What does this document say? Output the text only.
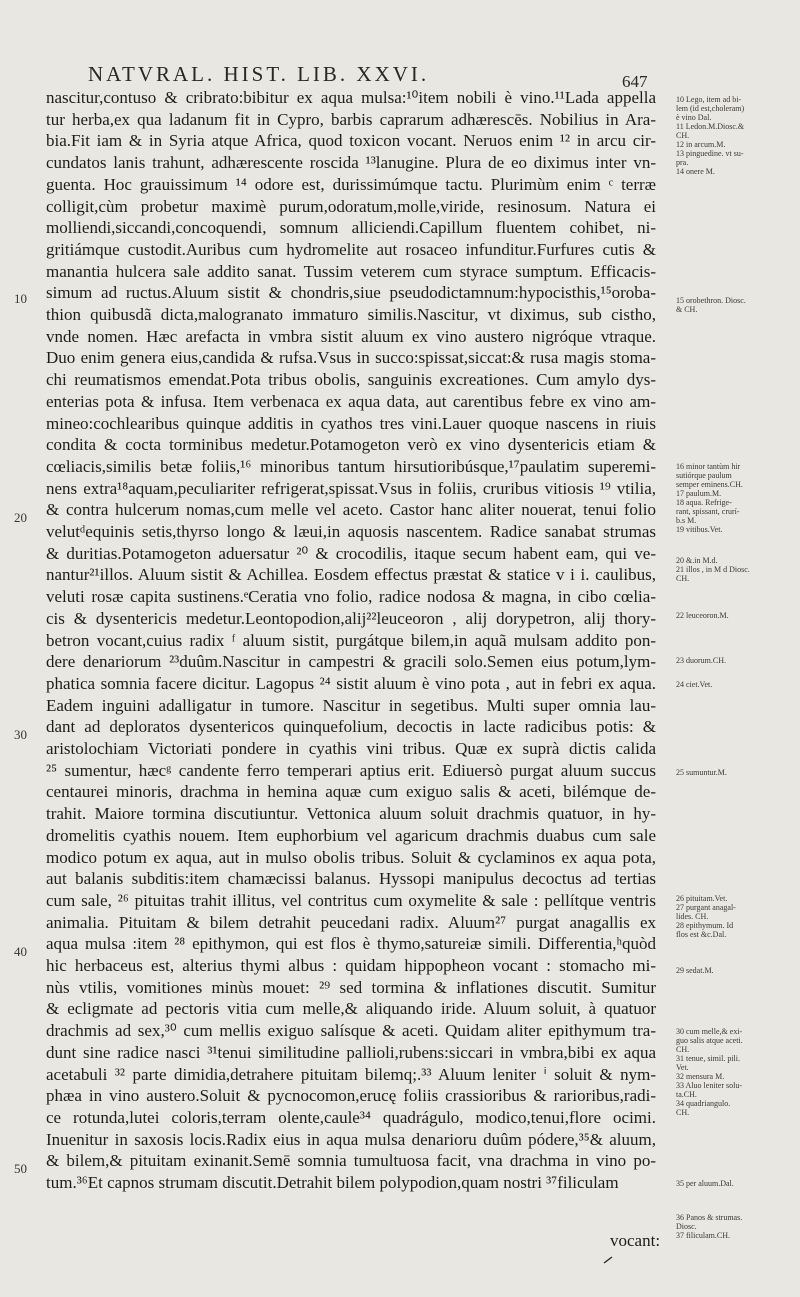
NATVRAL. HIST. LIB. XXVI.	647
nascitur,contuso & cribrato:bibitur ex aqua mulsa:¹⁰item nobili è vino.¹¹Lada appella
tur herba,ex qua ladanum fit in Cypro, barbis caprarum adhærescēs. Nobilius in Ara-
bia.Fit iam & in Syria atque Africa, quod toxicon vocant. Neruos enim ¹² in arcu cir-
cundatos lanis trahunt, adhærescente roscida ¹³lanugine. Plura de eo diximus inter vn-
guenta. Hoc grauissimum ¹⁴ odore est, durissimúmque tactu. Plurimùm enim ᶜ terræ
colligit,cùm probetur maximè purum,odoratum,molle,viride, resinosum. Natura ei
molliendi,siccandi,concoquendi, somnum alliciendi.Capillum fluentem cohibet, ni-
gritiámque custodit.Auribus cum hydromelite aut rosaceo infunditur.Furfures cutis &
manantia hulcera sale addito sanat. Tussim veterem cum styrace sumptum. Efficacis-
simum ad ructus.Aluum sistit & chondris,siue pseudodictamnum:hypocisthis,¹⁵oroba-
thion quibusdã dicta,malogranato immaturo similis.Nascitur, vt diximus, sub cistho,
vnde nomen. Hæc arefacta in vmbra sistit aluum ex vino austero nigróque vtraque.
Duo enim genera eius,candida & rufsa.Vsus in succo:spissat,siccat:& rusa magis stoma-
chi reumatismos emendat.Pota tribus obolis, sanguinis excreationes. Cum amylo dys-
enterias pota & infusa. Item verbenaca ex aqua data, aut carentibus febre ex vino am-
mineo:cochlearibus quinque additis in cyathos tres vini.Lauer quoque nascens in riuis
condita & cocta torminibus medetur.Potamogeton verò ex vino dysentericis etiam &
cœliacis,similis betæ foliis,¹⁶ minoribus tantum hirsutioribúsque,¹⁷paulatim superemi-
nens extra¹⁸aquam,peculiariter refrigerat,spissat.Vsus in foliis, cruribus vitiosis ¹⁹ vtilia,
& contra hulcerum nomas,cum melle vel aceto. Castor hanc aliter nouerat, tenui folio
velutᵈequinis setis,thyrso longo & læui,in aquosis nascentem. Radice sanabat strumas
& duritias.Potamogeton aduersatur ²⁰ & crocodilis, itaque secum habent eam, qui ve-
nantur²¹illos. Aluum sistit & Achillea. Eosdem effectus præstat & statice v i i. caulibus,
veluti rosæ capita sustinens.ᵉCeratia vno folio, radice nodosa & magna, in cibo cœlia-
cis & dysentericis medetur.Leontopodion,alij²²leuceoron , alij dorypetron, alij thory-
betron vocant,cuius radix ᶠ aluum sistit, purgátque bilem,in aquã mulsam addito pon-
dere denariorum ²³duûm.Nascitur in campestri & gracili solo.Semen eius potum,lym-
phatica somnia facere dicitur. Lagopus ²⁴ sistit aluum è vino pota , aut in febri ex aqua.
Eadem inguini adalligatur in tumore. Nascitur in segetibus. Multi super omnia lau-
dant ad deploratos dysentericos quinquefolium, decoctis in lacte radicibus potis: &
aristolochiam Victoriati pondere in cyathis vini tribus. Quæ ex suprà dictis calida
²⁵ sumentur, hæcᵍ candente ferro temperari aptius erit. Ediuersò purgat aluum succus
centaurei minoris, drachma in hemina aquæ cum exiguo salis & aceti, bilémque de-
trahit. Maiore tormina discutiuntur. Vettonica aluum soluit drachmis quatuor, in hy-
dromelitis cyathis nouem. Item euphorbium vel agaricum drachmis duabus cum sale
modico potum ex aqua, aut in mulso obolis tribus. Soluit & cyclaminos ex aqua pota,
aut balanis subditis:item chamæcissi balanus. Hyssopi manipulus decoctus ad tertias
cum sale, ²⁶ pituitas trahit illitus, vel contritus cum oxymelite & sale : pellítque ventris
animalia. Pituitam & bilem detrahit peucedani radix. Aluum²⁷ purgat anagallis ex
aqua mulsa :item ²⁸ epithymon, qui est flos è thymo,satureiæ simili. Differentia,ʰquòd
hic herbaceus est, alterius thymi albus : quidam hippopheon vocant : stomacho mi-
nùs vtilis, vomitiones minùs mouet: ²⁹ sed tormina & inflationes discutit. Sumitur
& ecligmate ad pectoris vitia cum melle,& aliquando iride. Aluum soluit, à quatuor
drachmis ad sex,³⁰ cum mellis exiguo salísque & aceti. Quidam aliter epithymum tra-
dunt sine radice nasci ³¹tenui similitudine pallioli,rubens:siccari in vmbra,bibi ex aqua
acetabuli ³² parte dimidia,detrahere pituitam bilemq;.³³ Aluum leniter ⁱ soluit & nym-
phæa in vino austero.Soluit & pycnocomon,erucę foliis crassioribus & rarioribus,radi-
ce rotunda,lutei coloris,terram olente,caule³⁴ quadrágulo, modico,tenui,flore ocimi.
Inuenitur in saxosis locis.Radix eius in aqua mulsa denarioru duûm pódere,³⁵& aluum,
& bilem,& pituitam exinanit.Semē somnia tumultuosa facit, vna drachma in vino po-
tum.³⁶Et capnos strumam discutit.Detrahit bilem polypodion,quam nostri ³⁷filiculam
10
20
30
40
50
10 Lego, item ad bi-
lem (id est,choleram)
è vino Dal.
11 Ledon.M.Diosc.&
CH.
12 in arcum.M.
13 pinguedine. vt su-
pra.
14 onere M.
15 orobethron. Diosc.
& CH.
16 minor tantùm hir
sutiórque paulum
semper eminens.CH.
17 paulum.M.
18 aqua. Refrige-
rant, spissant, crurí-
b.s M.
19 vitibus.Vet.
20 &.in M.d.
21 illos , in M d Diosc.
CH.
22 leuceoron.M.
23 duorum.CH.
24 ciet.Vet.
25 sumuntur.M.
26 pituitam.Vet.
27 purgant anagal-
lides. CH.
28 epithymum. Id
flos est &c.Dal.
29 sedat.M.
30 cum melle,& exi-
guo salis atque aceti.
CH.
31 tenue, simil. pili.
Vet.
32 mensura M.
33 Aluo leniter solu-
ta.CH.
34 quadriangulo.
CH.
35 per aluum.Dal.
36 Panos & strumas.
Diosc.
37 filiculam.CH.
vocant:
